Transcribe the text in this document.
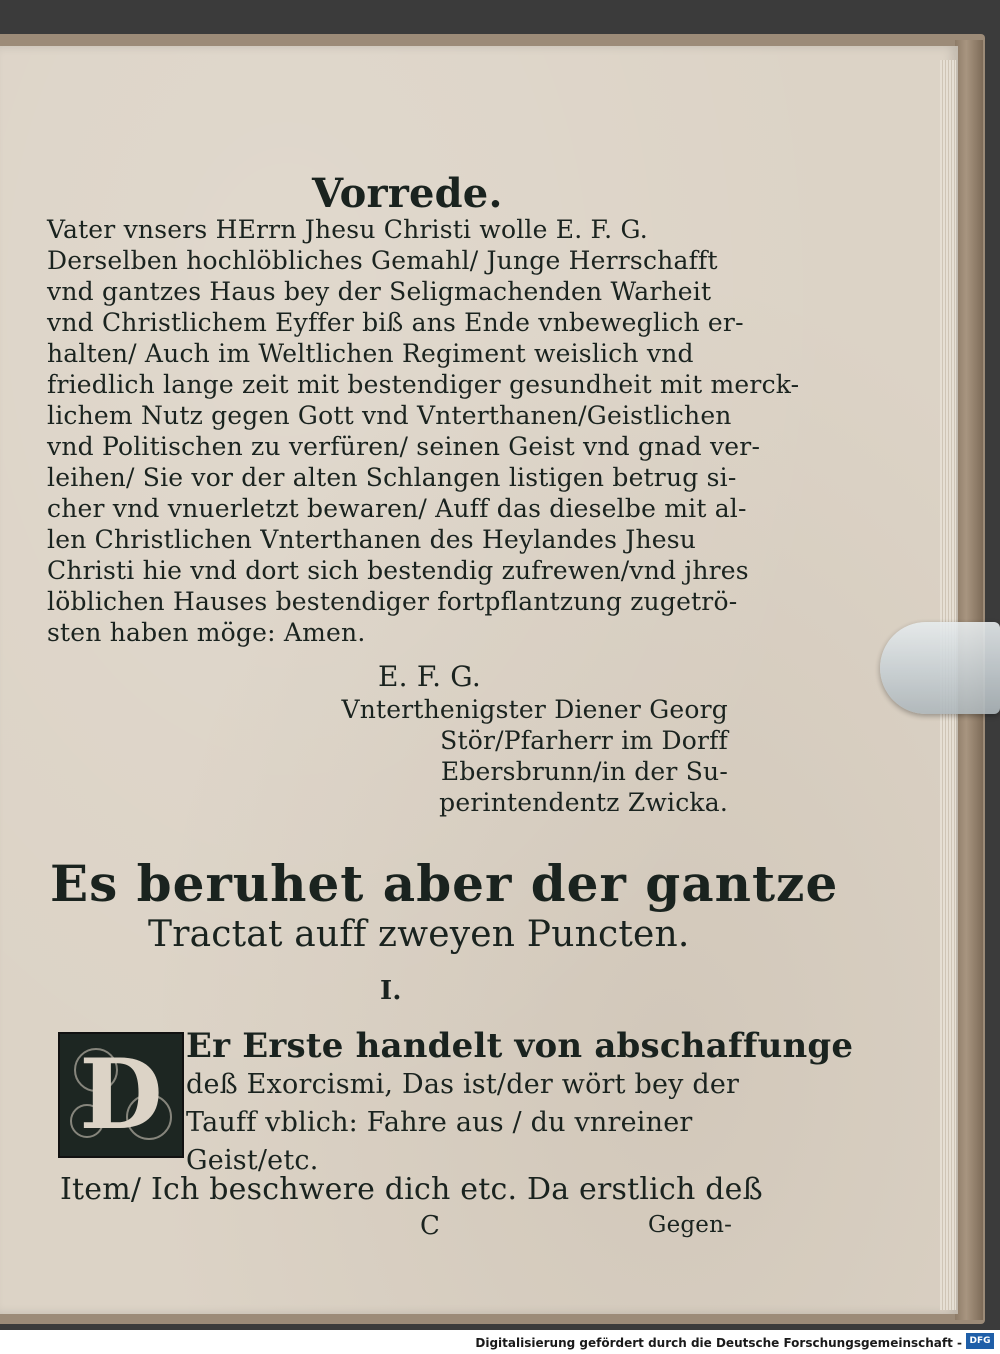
Vorrede.
Vater vnsers HErrn Jhesu Christi wolle E. F. G.
Derselben hochlöbliches Gemahl/ Junge Herrschafft
vnd gantzes Haus bey der Seligmachenden Warheit
vnd Christlichem Eyffer biß ans Ende vnbeweglich er-
halten/ Auch im Weltlichen Regiment weislich vnd
friedlich lange zeit mit bestendiger gesundheit mit merck-
lichem Nutz gegen Gott vnd Vnterthanen/Geistlichen
vnd Politischen zu verfüren/ seinen Geist vnd gnad ver-
leihen/ Sie vor der alten Schlangen listigen betrug si-
cher vnd vnuerletzt bewaren/ Auff das dieselbe mit al-
len Christlichen Vnterthanen des Heylandes Jhesu
Christi hie vnd dort sich bestendig zufrewen/vnd jhres
löblichen Hauses bestendiger fortpflantzung zugetrö-
sten haben möge: Amen.
E. F. G.
Vnterthenigster Diener Georg
Stör/Pfarherr im Dorff
Ebersbrunn/in der Su-
perintendentz Zwicka.
Es beruhet aber der gantze
Tractat auff zweyen Puncten.
I.
D Er Erste handelt von abschaffunge
deß Exorcismi, Das ist/der wört bey der
Tauff vblich: Fahre aus / du vnreiner
Geist/etc.
Item/ Ich beschwere dich etc. Da erstlich deß
C	Gegen-
Digitalisierung gefördert durch die Deutsche Forschungsgemeinschaft - DFG
